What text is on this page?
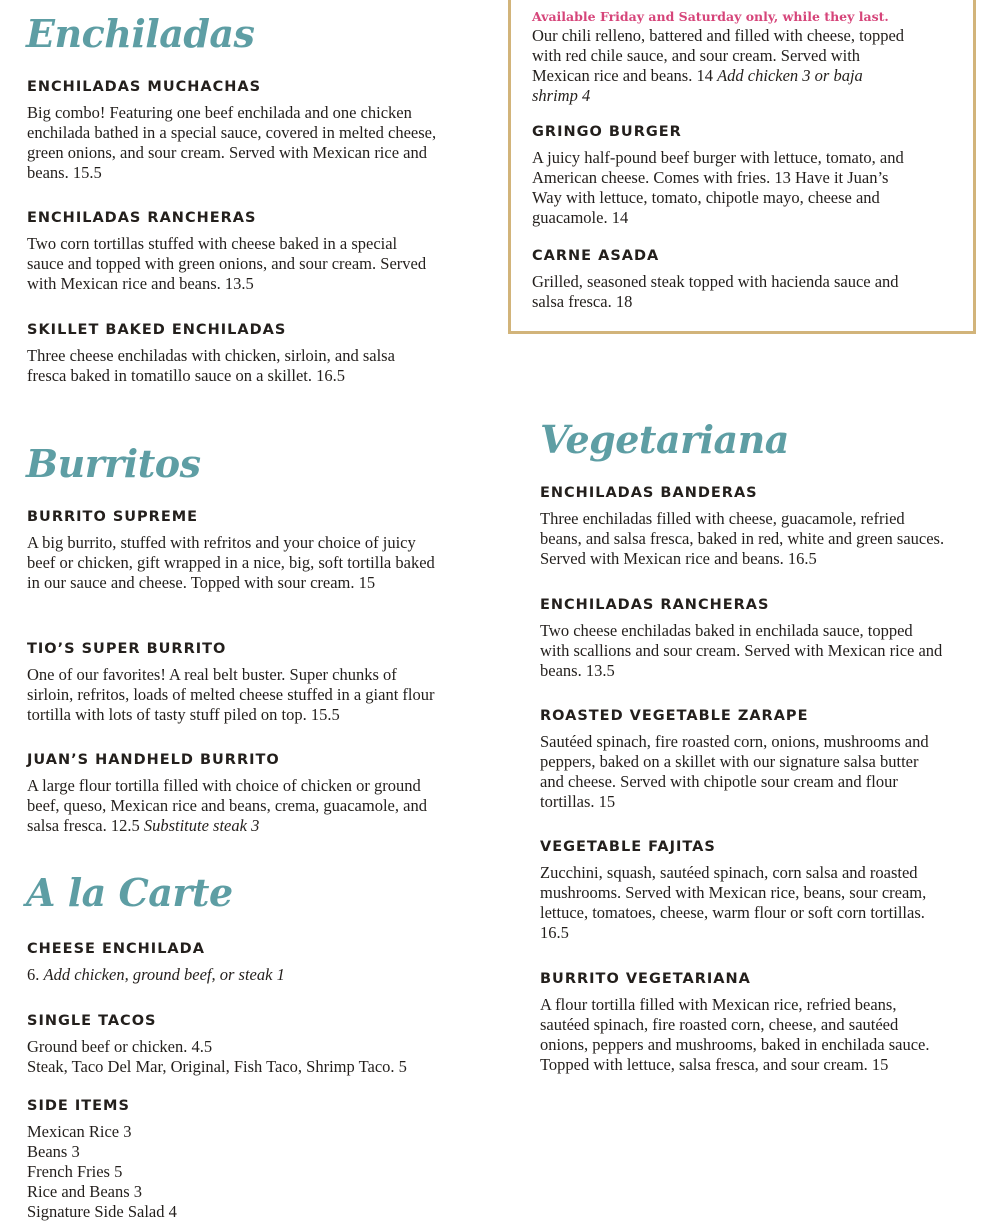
Enchiladas
ENCHILADAS MUCHACHAS

Big combo! Featuring one beef enchilada and one chicken enchilada bathed in a special sauce, covered in melted cheese, green onions, and sour cream. Served with Mexican rice and beans. 15.5

ENCHILADAS RANCHERAS

Two corn tortillas stuffed with cheese baked in a special sauce and topped with green onions, and sour cream. Served with Mexican rice and beans. 13.5

SKILLET BAKED ENCHILADAS

Three cheese enchiladas with chicken, sirloin, and salsa fresca baked in tomatillo sauce on a skillet. 16.5

Burritos
BURRITO SUPREME

A big burrito, stuffed with refritos and your choice of juicy beef or chicken, gift wrapped in a nice, big, soft tortilla baked in our sauce and cheese. Topped with sour cream. 15

TIO’S SUPER BURRITO

One of our favorites! A real belt buster. Super chunks of sirloin, refritos, loads of melted cheese stuffed in a giant flour tortilla with lots of tasty stuff piled on top. 15.5

JUAN’S HANDHELD BURRITO

A large flour tortilla filled with choice of chicken or ground beef, queso, Mexican rice and beans, crema, guacamole, and salsa fresca. 12.5 Substitute steak 3

A la Carte
CHEESE ENCHILADA

6. Add chicken, ground beef, or steak 1

SINGLE TACOS

Ground beef or chicken. 4.5
Steak, Taco Del Mar, Original, Fish Taco, Shrimp Taco. 5

SIDE ITEMS

Mexican Rice 3
Beans 3
French Fries 5
Rice and Beans 3
Signature Side Salad 4

Available Friday and Saturday only, while they last.

Our chili relleno, battered and filled with cheese, topped with red chile sauce, and sour cream. Served with Mexican rice and beans. 14 Add chicken 3 or baja shrimp 4

GRINGO BURGER

A juicy half-pound beef burger with lettuce, tomato, and American cheese. Comes with fries. 13 Have it Juan’s Way with lettuce, tomato, chipotle mayo, cheese and guacamole. 14

CARNE ASADA

Grilled, seasoned steak topped with hacienda sauce and salsa fresca. 18

Vegetariana
ENCHILADAS BANDERAS

Three enchiladas filled with cheese, guacamole, refried beans, and salsa fresca, baked in red, white and green sauces. Served with Mexican rice and beans. 16.5

ENCHILADAS RANCHERAS

Two cheese enchiladas baked in enchilada sauce, topped with scallions and sour cream. Served with Mexican rice and beans. 13.5

ROASTED VEGETABLE ZARAPE

Sautéed spinach, fire roasted corn, onions, mushrooms and peppers, baked on a skillet with our signature salsa butter and cheese. Served with chipotle sour cream and flour tortillas. 15

VEGETABLE FAJITAS

Zucchini, squash, sautéed spinach, corn salsa and roasted mushrooms. Served with Mexican rice, beans, sour cream, lettuce, tomatoes, cheese, warm flour or soft corn tortillas. 16.5

BURRITO VEGETARIANA

A flour tortilla filled with Mexican rice, refried beans, sautéed spinach, fire roasted corn, cheese, and sautéed onions, peppers and mushrooms, baked in enchilada sauce. Topped with lettuce, salsa fresca, and sour cream. 15
